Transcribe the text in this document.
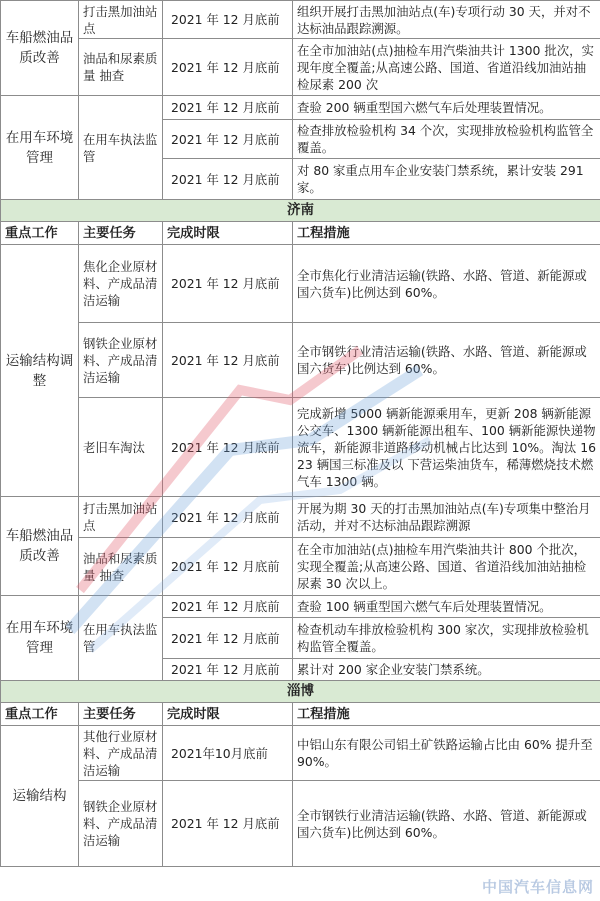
车船燃油品质改善	打击黑加油站点	2021 年 12 月底前	组织开展打击黑加油站点(车)专项行动 30 天，并对不达标油品跟踪溯源。
	油品和尿素质量 抽查	2021 年 12 月底前	在全市加油站(点)抽检车用汽柴油共计 1300 批次，实现年度全覆盖;从高速公路、国道、省道沿线加油站抽检尿素 200 次
在用车环境管理	在用车执法监管	2021 年 12 月底前	查验 200 辆重型国六燃气车后处理装置情况。
		2021 年 12 月底前	检查排放检验机构 34 个次，实现排放检验机构监管全覆盖。
		2021 年 12 月底前	对 80 家重点用车企业安装门禁系统，累计安装 291 家。
济南			
重点工作	主要任务	完成时限	工程措施
运输结构调整	焦化企业原材料、产成品清洁运输	2021 年 12 月底前	全市焦化行业清洁运输(铁路、水路、管道、新能源或国六货车)比例达到 60%。
	钢铁企业原材料、产成品清洁运输	2021 年 12 月底前	全市钢铁行业清洁运输(铁路、水路、管道、新能源或国六货车)比例达到 60%。
	老旧车淘汰	2021 年 12 月底前	完成新增 5000 辆新能源乘用车，更新 208 辆新能源公交车、1300 辆新能源出租车、100 辆新能源快递物流车，新能源非道路移动机械占比达到 10%。淘汰 1623 辆国三标准及以 下营运柴油货车，稀薄燃烧技术燃气车 1300 辆。
车船燃油品质改善	打击黑加油站点	2021 年 12 月底前	开展为期 30 天的打击黑加油站点(车)专项集中整治月活动，并对不达标油品跟踪溯源
	油品和尿素质量 抽查	2021 年 12 月底前	在全市加油站(点)抽检车用汽柴油共计 800 个批次，实现全覆盖;从高速公路、国道、省道沿线加油站抽检尿素 30 次以上。
在用车环境管理	在用车执法监管	2021 年 12 月底前	查验 100 辆重型国六燃气车后处理装置情况。
		2021 年 12 月底前	检查机动车排放检验机构 300 家次，实现排放检验机构监管全覆盖。
		2021 年 12 月底前	累计对 200 家企业安装门禁系统。
淄博			
重点工作	主要任务	完成时限	工程措施
运输结构	其他行业原材料、产成品清洁运输	2021年10月底前	中铝山东有限公司铝土矿铁路运输占比由 60% 提升至 90%。
	钢铁企业原材料、产成品清洁运输	2021 年 12 月底前	全市钢铁行业清洁运输(铁路、水路、管道、新能源或国六货车)比例达到 60%。
中国汽车信息网
